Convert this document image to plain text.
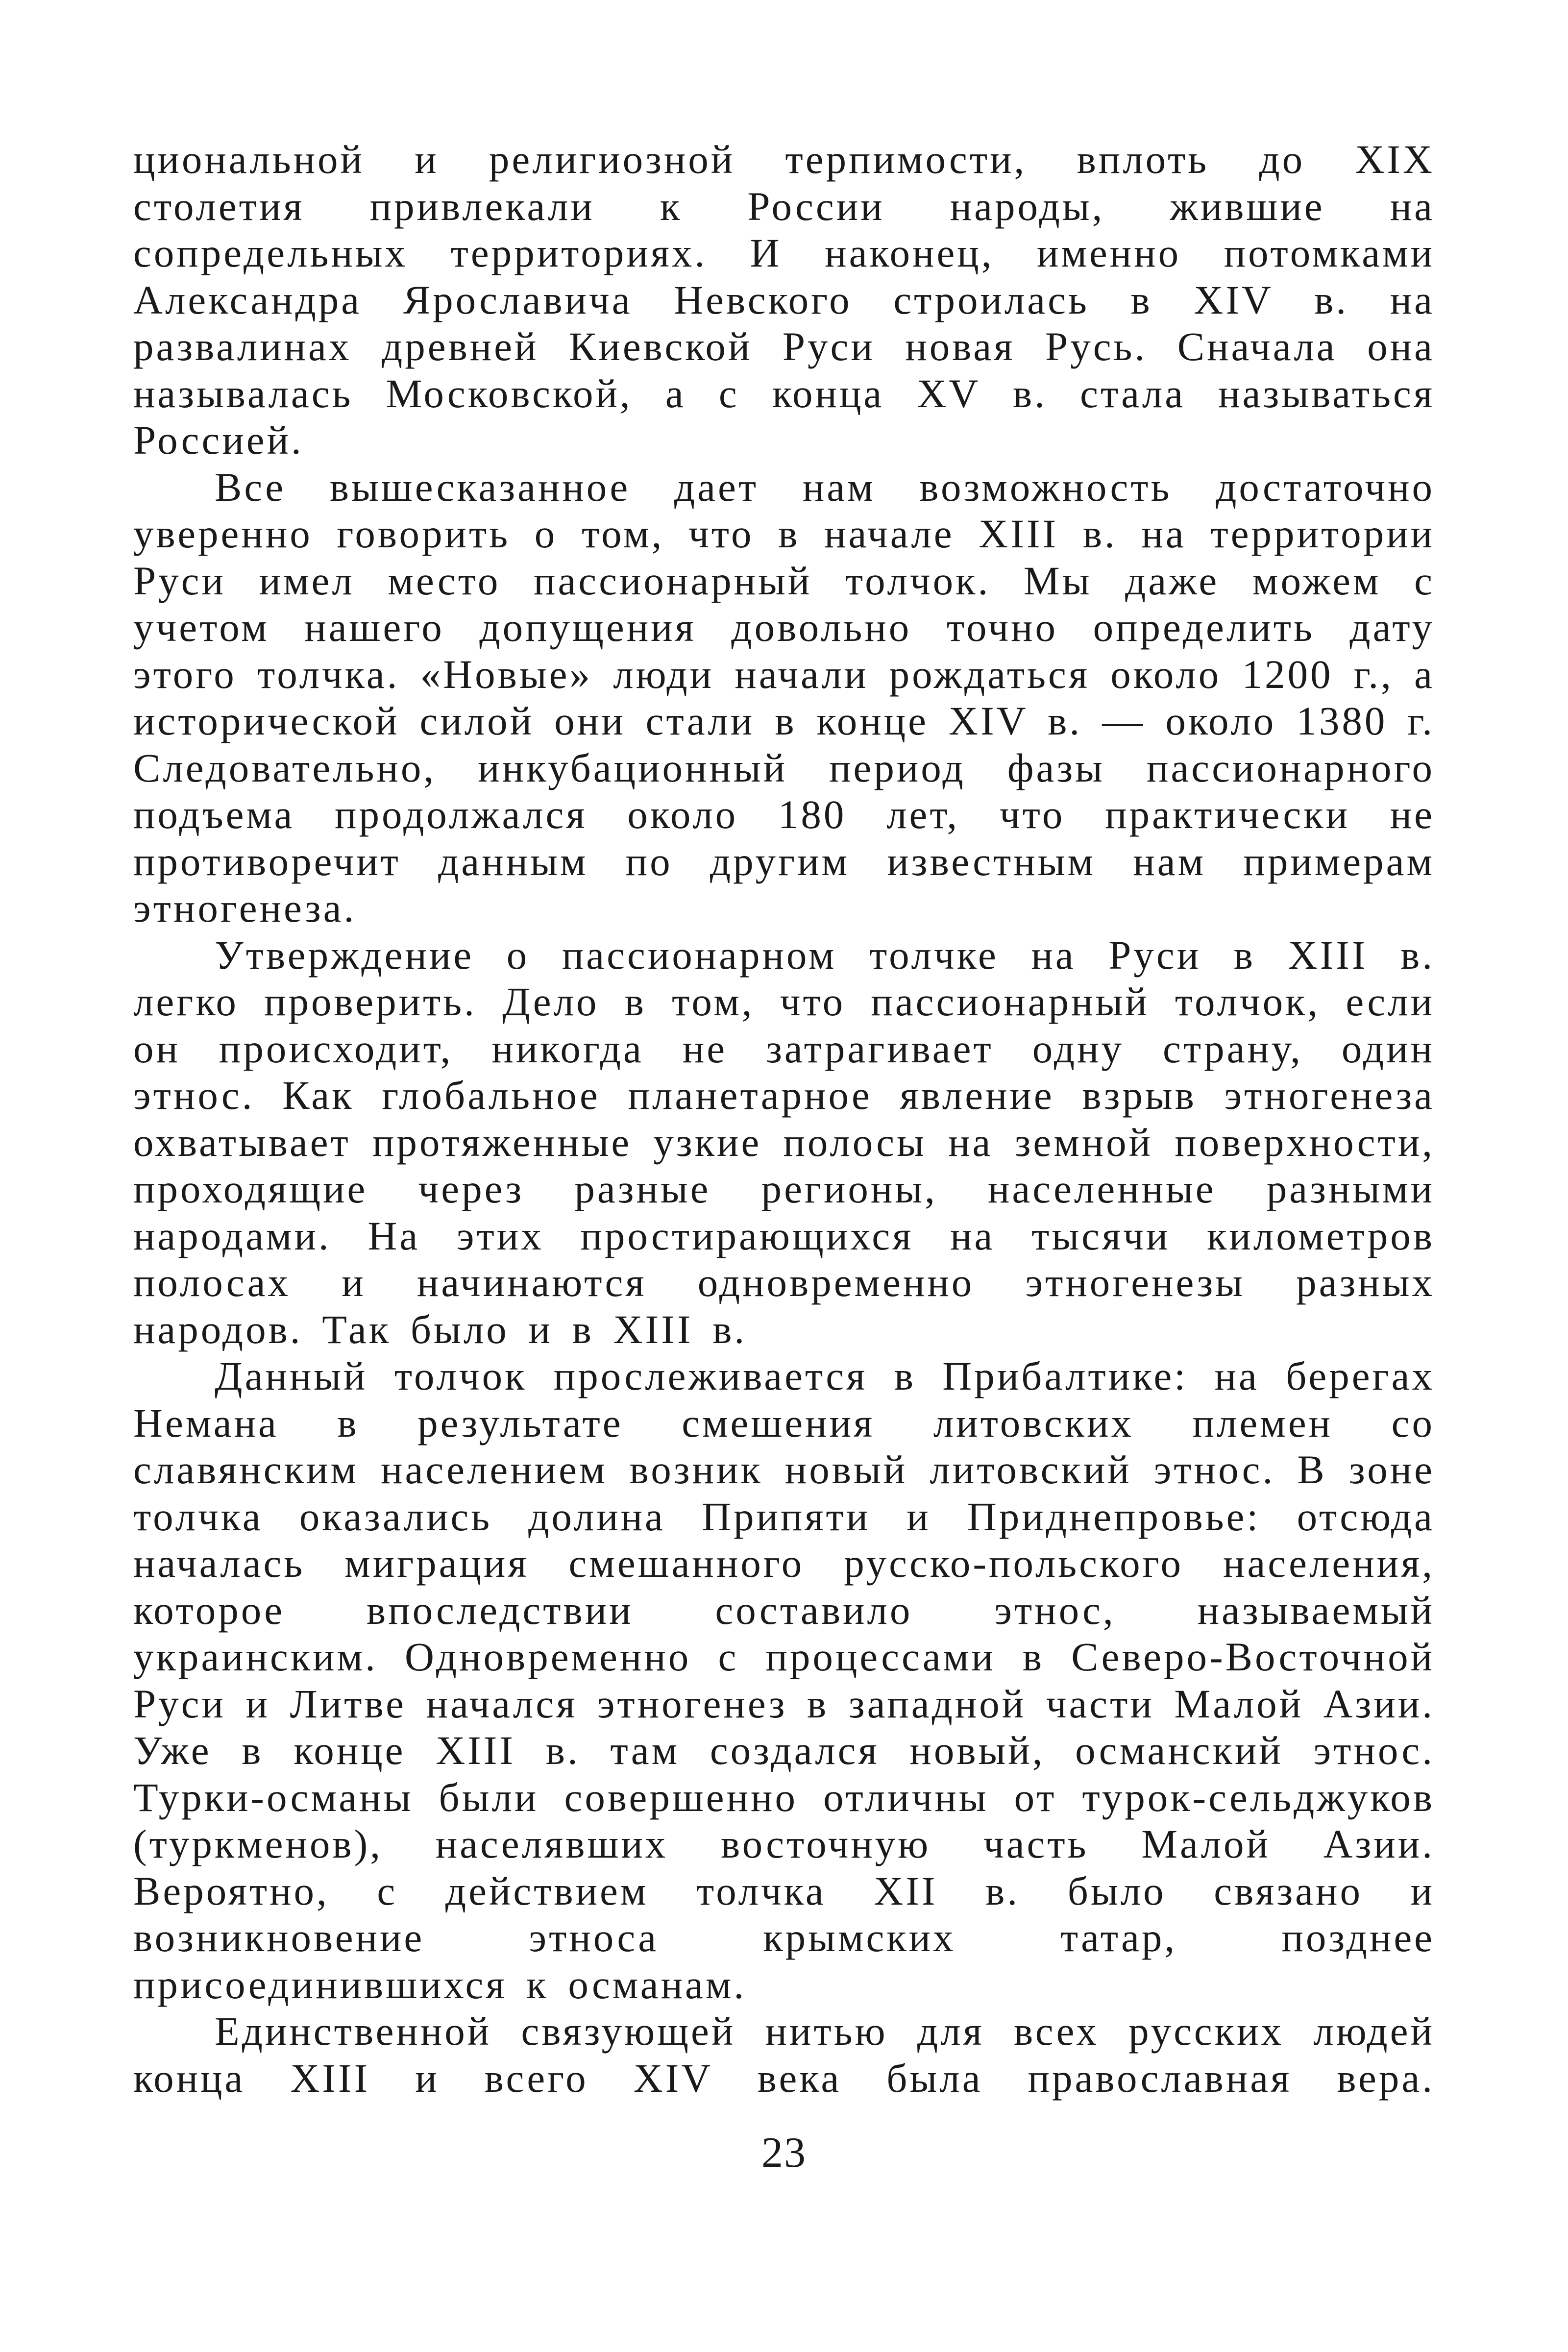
циональной и религиозной терпимости, вплоть до XIX столетия привлекали к России народы, жившие на сопредельных территориях. И наконец, именно потомками Александра Ярославича Невского строилась в XIV в. на развалинах древней Киевской Руси новая Русь. Сначала она называлась Московской, а с конца XV в. стала называться Россией.

Все вышесказанное дает нам возможность достаточно уверенно говорить о том, что в начале XIII в. на территории Руси имел место пассионарный толчок. Мы даже можем с учетом нашего допущения довольно точно определить дату этого толчка. «Новые» люди начали рождаться около 1200 г., а исторической силой они стали в конце XIV в. — около 1380 г. Следовательно, инкубационный период фазы пассионарного подъема продолжался около 180 лет, что практически не противоречит данным по другим известным нам примерам этногенеза.

Утверждение о пассионарном толчке на Руси в XIII в. легко проверить. Дело в том, что пассионарный толчок, если он происходит, никогда не затрагивает одну страну, один этнос. Как глобальное планетарное явление взрыв этногенеза охватывает протяженные узкие полосы на земной поверхности, проходящие через разные регионы, населенные разными народами. На этих простирающихся на тысячи километров полосах и начинаются одновременно этногенезы разных народов. Так было и в XIII в.

Данный толчок прослеживается в Прибалтике: на берегах Немана в результате смешения литовских племен со славянским населением возник новый литовский этнос. В зоне толчка оказались долина Припяти и Приднепровье: отсюда началась миграция смешанного русско-польского населения, которое впоследствии составило этнос, называемый украинским. Одновременно с процессами в Северо-Восточной Руси и Литве начался этногенез в западной части Малой Азии. Уже в конце XIII в. там создался новый, османский этнос. Турки-османы были совершенно отличны от турок-сельджуков (туркменов), населявших восточную часть Малой Азии. Вероятно, с действием толчка XII в. было связано и возникновение этноса крымских татар, позднее присоединившихся к османам.

Единственной связующей нитью для всех русских людей конца XIII и всего XIV века была православная вера.

23
